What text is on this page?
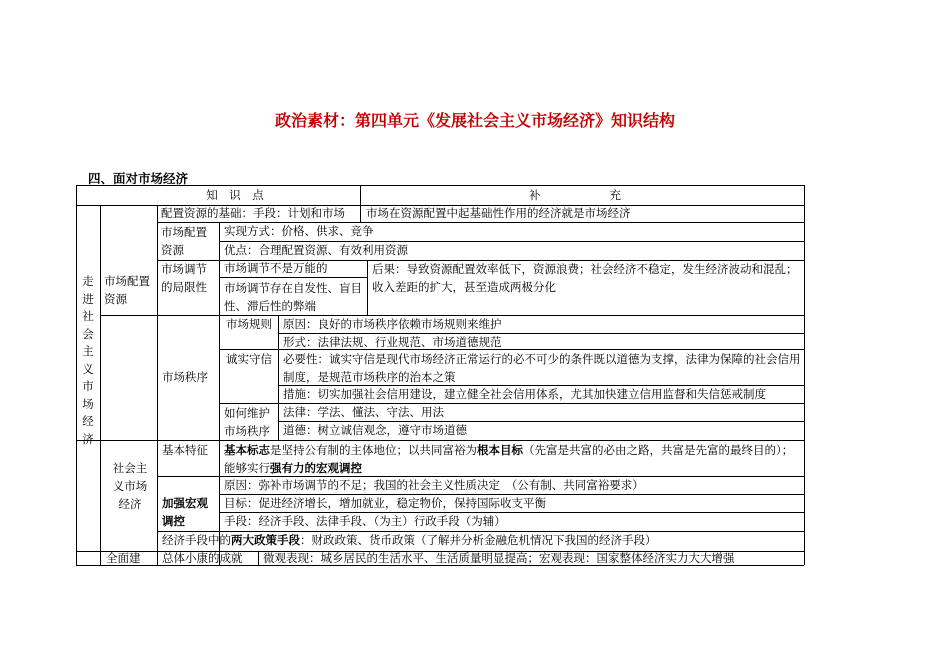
政治素材：第四单元《发展社会主义市场经济》知识结构
四、面对市场经济
知　识　点	补　　　　　　充
走进社会主义市场经济
市场配置资源
配置资源的基础：手段：计划和市场 市场在资源配置中起基础性作用的经济就是市场经济
市场配置资源
实现方式：价格、供求、竞争
优点：合理配置资源、有效利用资源
市场调节的局限性
市场调节不是万能的
市场调节存在自发性、盲目性、滞后性的弊端
后果：导致资源配置效率低下，资源浪费；社会经济不稳定，发生经济波动和混乱；收入差距的扩大，甚至造成两极分化
市场秩序
市场规则 原因：良好的市场秩序依赖市场规则来维护
形式：法律法规、行业规范、市场道德规范
诚实守信 必要性：诚实守信是现代市场经济正常运行的必不可少的条件既以道德为支撑，法律为保障的社会信用制度，是规范市场秩序的治本之策
措施：切实加强社会信用建设，建立健全社会信用体系，尤其加快建立信用监督和失信惩戒制度
如何维护市场秩序
法律：学法、懂法、守法、用法
道德：树立诚信观念，遵守市场道德
社会主义市场经济
基本特征 基本标志是坚持公有制的主体地位；以共同富裕为根本目标（先富是共富的必由之路，共富是先富的最终目的）；能够实行强有力的宏观调控
加强宏观调控
原因：弥补市场调节的不足；我国的社会主义性质决定　（公有制、共同富裕要求）
目标：促进经济增长，增加就业，稳定物价，保持国际收支平衡
手段：经济手段、法律手段、（为主）行政手段（为辅）
经济手段中的两大政策手段：财政政策、货币政策（了解并分析金融危机情况下我国的经济手段）
全面建 总体小康的成就 微观表现：城乡居民的生活水平、生活质量明显提高；宏观表现：国家整体经济实力大大增强
